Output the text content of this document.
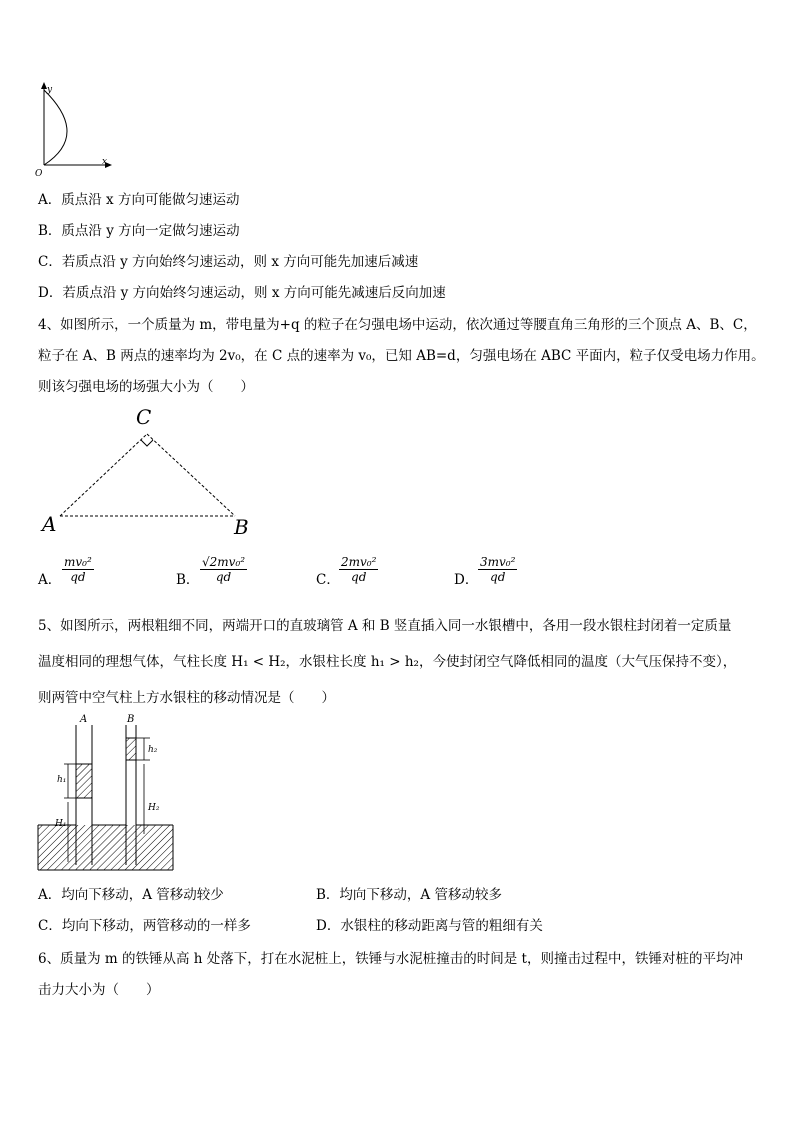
y
x
O
A．质点沿 x 方向可能做匀速运动
B．质点沿 y 方向一定做匀速运动
C．若质点沿 y 方向始终匀速运动，则 x 方向可能先加速后减速
D．若质点沿 y 方向始终匀速运动，则 x 方向可能先减速后反向加速
4、如图所示，一个质量为 m，带电量为+q 的粒子在匀强电场中运动，依次通过等腰直角三角形的三个顶点 A、B、C，
粒子在 A、B 两点的速率均为 2v₀，在 C 点的速率为 v₀，已知 AB=d，匀强电场在 ABC 平面内，粒子仅受电场力作用。
则该匀强电场的场强大小为（　　）
C
A	B
A． $\frac{\text{mv₀²}}{qd}$	B． $\frac{\text{√2mv₀²}}{qd}$	C． $\frac{\text{2mv₀²}}{qd}$	D． $\frac{\text{3mv₀²}}{qd}$
5、如图所示，两根粗细不同，两端开口的直玻璃管 A 和 B 竖直插入同一水银槽中，各用一段水银柱封闭着一定质量
温度相同的理想气体，气柱长度 H₁ < H₂，水银柱长度 h₁ > h₂，今使封闭空气降低相同的温度（大气压保持不变），
则两管中空气柱上方水银柱的移动情况是（　　）
A	B
h₁
h₂
H₁
H₂
A．均向下移动，A 管移动较少	B．均向下移动，A 管移动较多
C．均向下移动，两管移动的一样多	D．水银柱的移动距离与管的粗细有关
6、质量为 m 的铁锤从高 h 处落下，打在水泥桩上，铁锤与水泥桩撞击的时间是 t，则撞击过程中，铁锤对桩的平均冲
击力大小为（　　）
